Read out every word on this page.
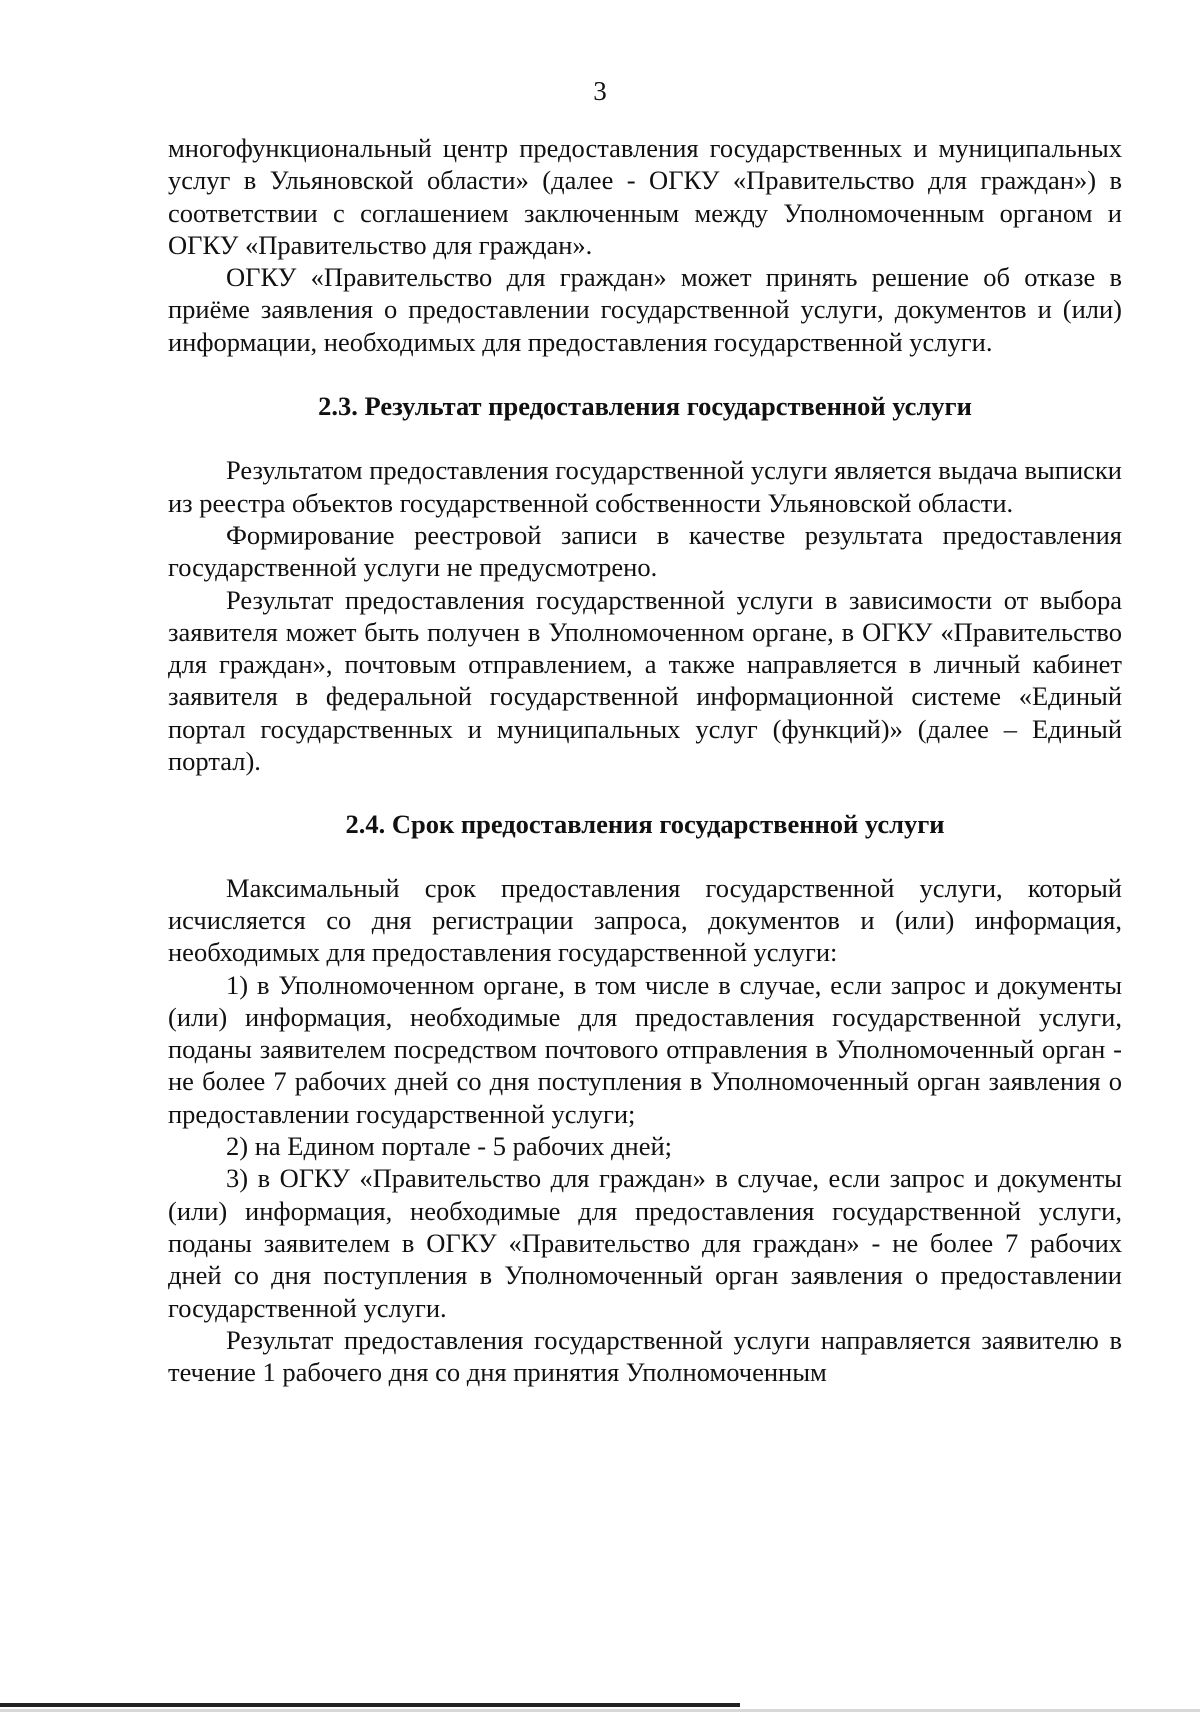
3

многофункциональный центр предоставления государственных и муниципальных услуг в Ульяновской области» (далее - ОГКУ «Правительство для граждан») в соответствии с соглашением заключенным между Уполномоченным органом и ОГКУ «Правительство для граждан».

ОГКУ «Правительство для граждан» может принять решение об отказе в приёме заявления о предоставлении государственной услуги, документов и (или) информации, необходимых для предоставления государственной услуги.

2.3. Результат предоставления государственной услуги

Результатом предоставления государственной услуги является выдача выписки из реестра объектов государственной собственности Ульяновской области.

Формирование реестровой записи в качестве результата предоставления государственной услуги не предусмотрено.

Результат предоставления государственной услуги в зависимости от выбора заявителя может быть получен в Уполномоченном органе, в ОГКУ «Правительство для граждан», почтовым отправлением, а также направляется в личный кабинет заявителя в федеральной государственной информационной системе «Единый портал государственных и муниципальных услуг (функций)» (далее – Единый портал).

2.4. Срок предоставления государственной услуги

Максимальный срок предоставления государственной услуги, который исчисляется со дня регистрации запроса, документов и (или) информация, необходимых для предоставления государственной услуги:

1) в Уполномоченном органе, в том числе в случае, если запрос и документы (или) информация, необходимые для предоставления государственной услуги, поданы заявителем посредством почтового отправления в Уполномоченный орган - не более 7 рабочих дней со дня поступления в Уполномоченный орган заявления о предоставлении государственной услуги;

2) на Едином портале - 5 рабочих дней;

3) в ОГКУ «Правительство для граждан» в случае, если запрос и документы (или) информация, необходимые для предоставления государственной услуги, поданы заявителем в ОГКУ «Правительство для граждан» - не более 7 рабочих дней со дня поступления в Уполномоченный орган заявления о предоставлении государственной услуги.

Результат предоставления государственной услуги направляется заявителю в течение 1 рабочего дня со дня принятия Уполномоченным
